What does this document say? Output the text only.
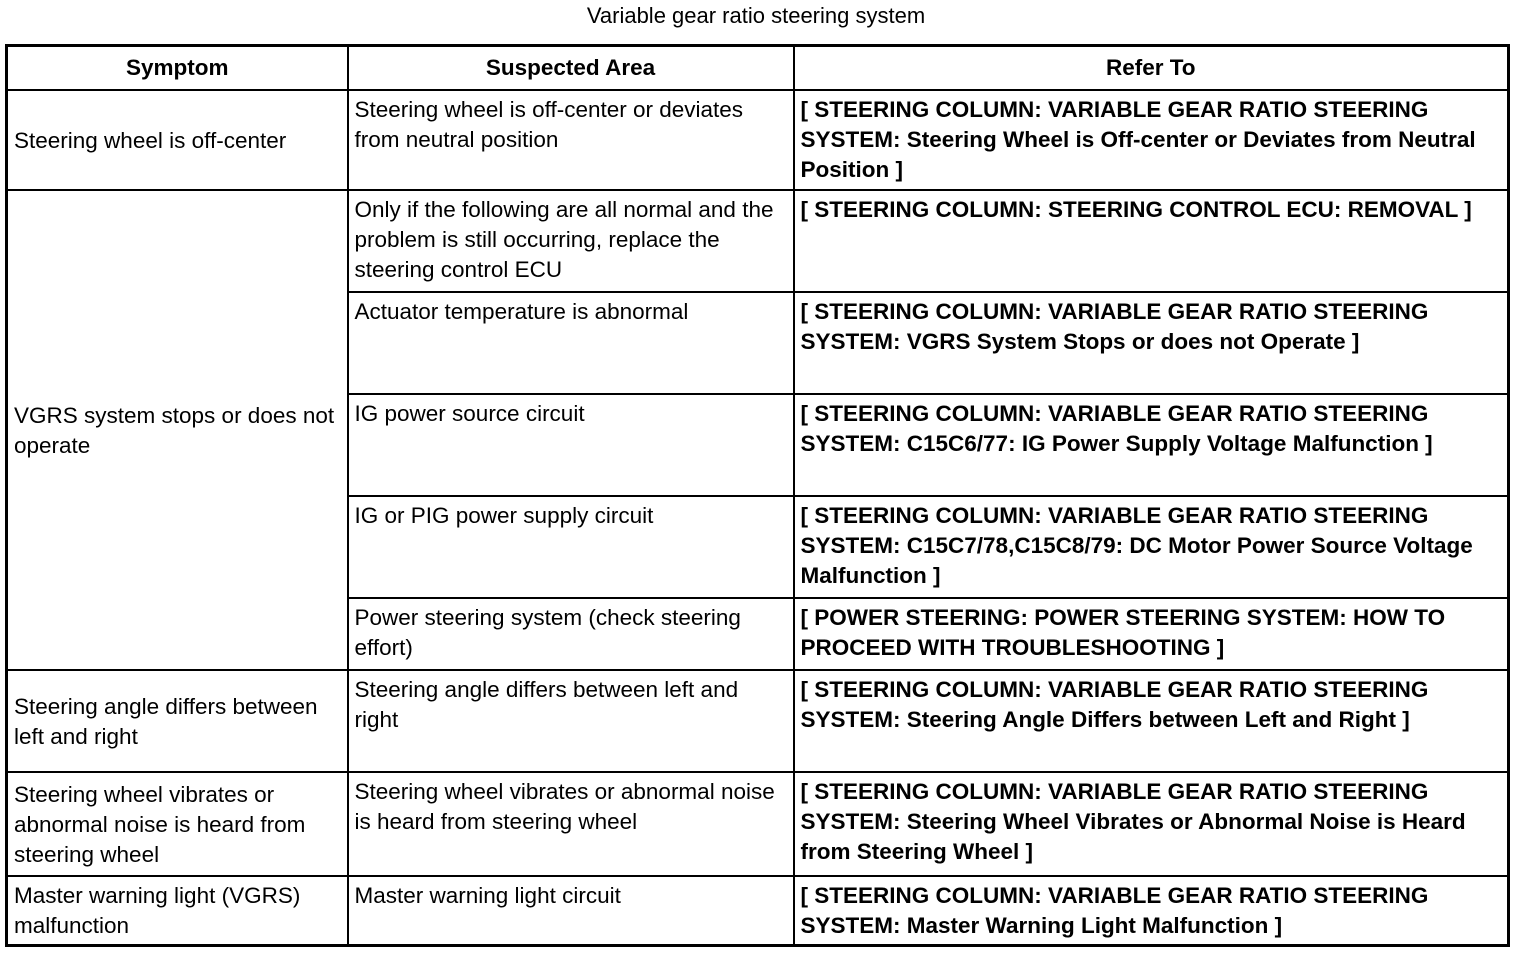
Variable gear ratio steering system
Symptom	Suspected Area	Refer To
Steering wheel is off-center	Steering wheel is off-center or deviates from neutral position	[ STEERING COLUMN: VARIABLE GEAR RATIO STEERING SYSTEM: Steering Wheel is Off-center or Deviates from Neutral Position ]
VGRS system stops or does not operate	Only if the following are all normal and the problem is still occurring, replace the steering control ECU	[ STEERING COLUMN: STEERING CONTROL ECU: REMOVAL ]
	Actuator temperature is abnormal	[ STEERING COLUMN: VARIABLE GEAR RATIO STEERING SYSTEM: VGRS System Stops or does not Operate ]
	IG power source circuit	[ STEERING COLUMN: VARIABLE GEAR RATIO STEERING SYSTEM: C15C6/77: IG Power Supply Voltage Malfunction ]
	IG or PIG power supply circuit	[ STEERING COLUMN: VARIABLE GEAR RATIO STEERING SYSTEM: C15C7/78,C15C8/79: DC Motor Power Source Voltage Malfunction ]
	Power steering system (check steering effort)	[ POWER STEERING: POWER STEERING SYSTEM: HOW TO PROCEED WITH TROUBLESHOOTING ]
Steering angle differs between left and right	Steering angle differs between left and right	[ STEERING COLUMN: VARIABLE GEAR RATIO STEERING SYSTEM: Steering Angle Differs between Left and Right ]
Steering wheel vibrates or abnormal noise is heard from steering wheel	Steering wheel vibrates or abnormal noise is heard from steering wheel	[ STEERING COLUMN: VARIABLE GEAR RATIO STEERING SYSTEM: Steering Wheel Vibrates or Abnormal Noise is Heard from Steering Wheel ]
Master warning light (VGRS) malfunction	Master warning light circuit	[ STEERING COLUMN: VARIABLE GEAR RATIO STEERING SYSTEM: Master Warning Light Malfunction ]
